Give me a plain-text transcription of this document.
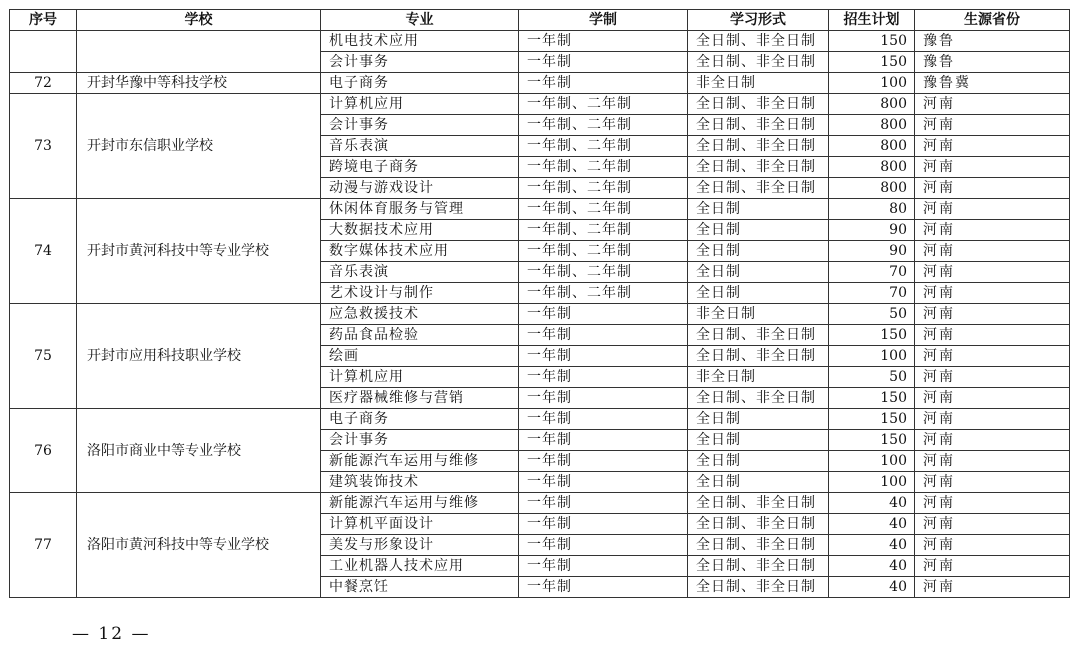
序号	学校	专业	学制	学习形式	招生计划	生源省份
		机电技术应用	一年制	全日制、非全日制	150	豫鲁
		会计事务	一年制	全日制、非全日制	150	豫鲁
72	开封华豫中等科技学校	电子商务	一年制	非全日制	100	豫鲁冀
73	开封市东信职业学校	计算机应用	一年制、二年制	全日制、非全日制	800	河南
		会计事务	一年制、二年制	全日制、非全日制	800	河南
		音乐表演	一年制、二年制	全日制、非全日制	800	河南
		跨境电子商务	一年制、二年制	全日制、非全日制	800	河南
		动漫与游戏设计	一年制、二年制	全日制、非全日制	800	河南
74	开封市黄河科技中等专业学校	休闲体育服务与管理	一年制、二年制	全日制	80	河南
		大数据技术应用	一年制、二年制	全日制	90	河南
		数字媒体技术应用	一年制、二年制	全日制	90	河南
		音乐表演	一年制、二年制	全日制	70	河南
		艺术设计与制作	一年制、二年制	全日制	70	河南
75	开封市应用科技职业学校	应急救援技术	一年制	非全日制	50	河南
		药品食品检验	一年制	全日制、非全日制	150	河南
		绘画	一年制	全日制、非全日制	100	河南
		计算机应用	一年制	非全日制	50	河南
		医疗器械维修与营销	一年制	全日制、非全日制	150	河南
76	洛阳市商业中等专业学校	电子商务	一年制	全日制	150	河南
		会计事务	一年制	全日制	150	河南
		新能源汽车运用与维修	一年制	全日制	100	河南
		建筑装饰技术	一年制	全日制	100	河南
77	洛阳市黄河科技中等专业学校	新能源汽车运用与维修	一年制	全日制、非全日制	40	河南
		计算机平面设计	一年制	全日制、非全日制	40	河南
		美发与形象设计	一年制	全日制、非全日制	40	河南
		工业机器人技术应用	一年制	全日制、非全日制	40	河南
		中餐烹饪	一年制	全日制、非全日制	40	河南
— 12 —
